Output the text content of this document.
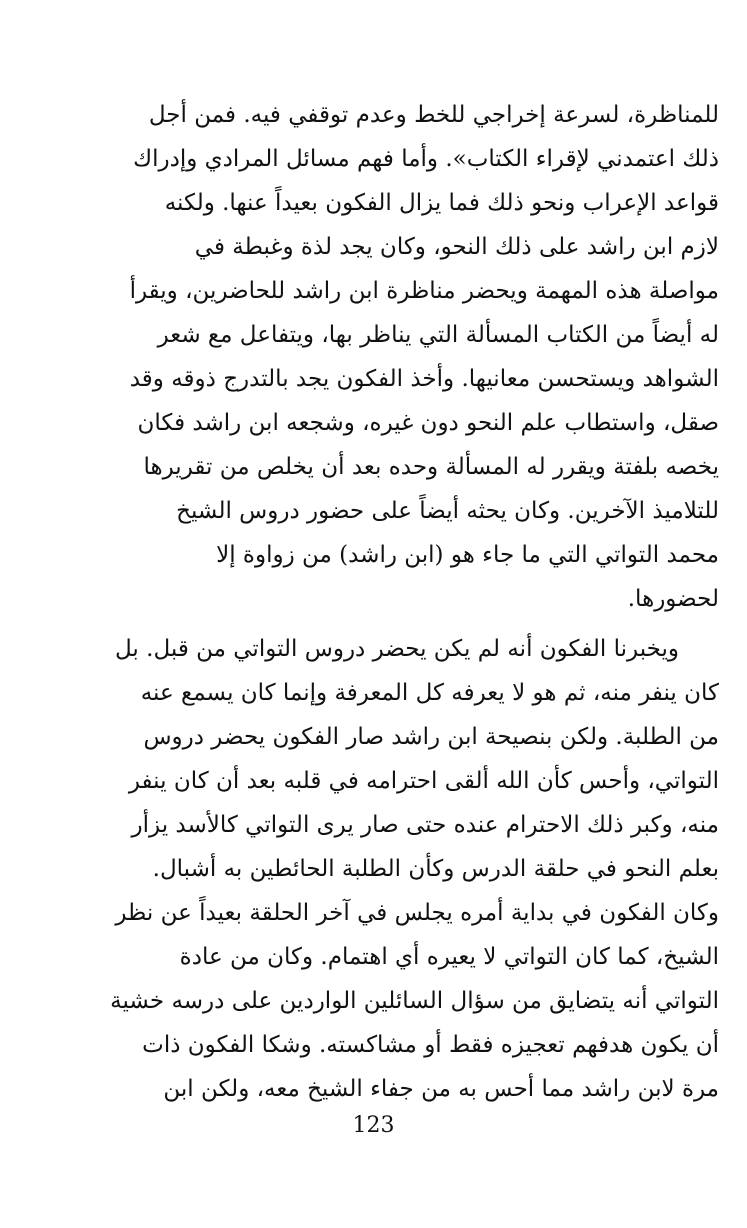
للمناظرة، لسرعة إخراجي للخط وعدم توقفي فيه. فمن أجل
ذلك اعتمدني لإقراء الكتاب». وأما فهم مسائل المرادي وإدراك
قواعد الإعراب ونحو ذلك فما يزال الفكون بعيداً عنها. ولكنه
لازم ابن راشد على ذلك النحو، وكان يجد لذة وغبطة في
مواصلة هذه المهمة ويحضر مناظرة ابن راشد للحاضرين، ويقرأ
له أيضاً من الكتاب المسألة التي يناظر بها، ويتفاعل مع شعر
الشواهد ويستحسن معانيها. وأخذ الفكون يجد بالتدرج ذوقه وقد
صقل، واستطاب علم النحو دون غيره، وشجعه ابن راشد فكان
يخصه بلفتة ويقرر له المسألة وحده بعد أن يخلص من تقريرها
للتلاميذ الآخرين. وكان يحثه أيضاً على حضور دروس الشيخ
محمد التواتي التي ما جاء هو (ابن راشد) من زواوة إلا
لحضورها.
ويخبرنا الفكون أنه لم يكن يحضر دروس التواتي من قبل. بل
كان ينفر منه، ثم هو لا يعرفه كل المعرفة وإنما كان يسمع عنه
من الطلبة. ولكن بنصيحة ابن راشد صار الفكون يحضر دروس
التواتي، وأحس كأن الله ألقى احترامه في قلبه بعد أن كان ينفر
منه، وكبر ذلك الاحترام عنده حتى صار يرى التواتي كالأسد يزأر
بعلم النحو في حلقة الدرس وكأن الطلبة الحائطين به أشبال.
وكان الفكون في بداية أمره يجلس في آخر الحلقة بعيداً عن نظر
الشيخ، كما كان التواتي لا يعيره أي اهتمام. وكان من عادة
التواتي أنه يتضايق من سؤال السائلين الواردين على درسه خشية
أن يكون هدفهم تعجيزه فقط أو مشاكسته. وشكا الفكون ذات
مرة لابن راشد مما أحس به من جفاء الشيخ معه، ولكن ابن
123
